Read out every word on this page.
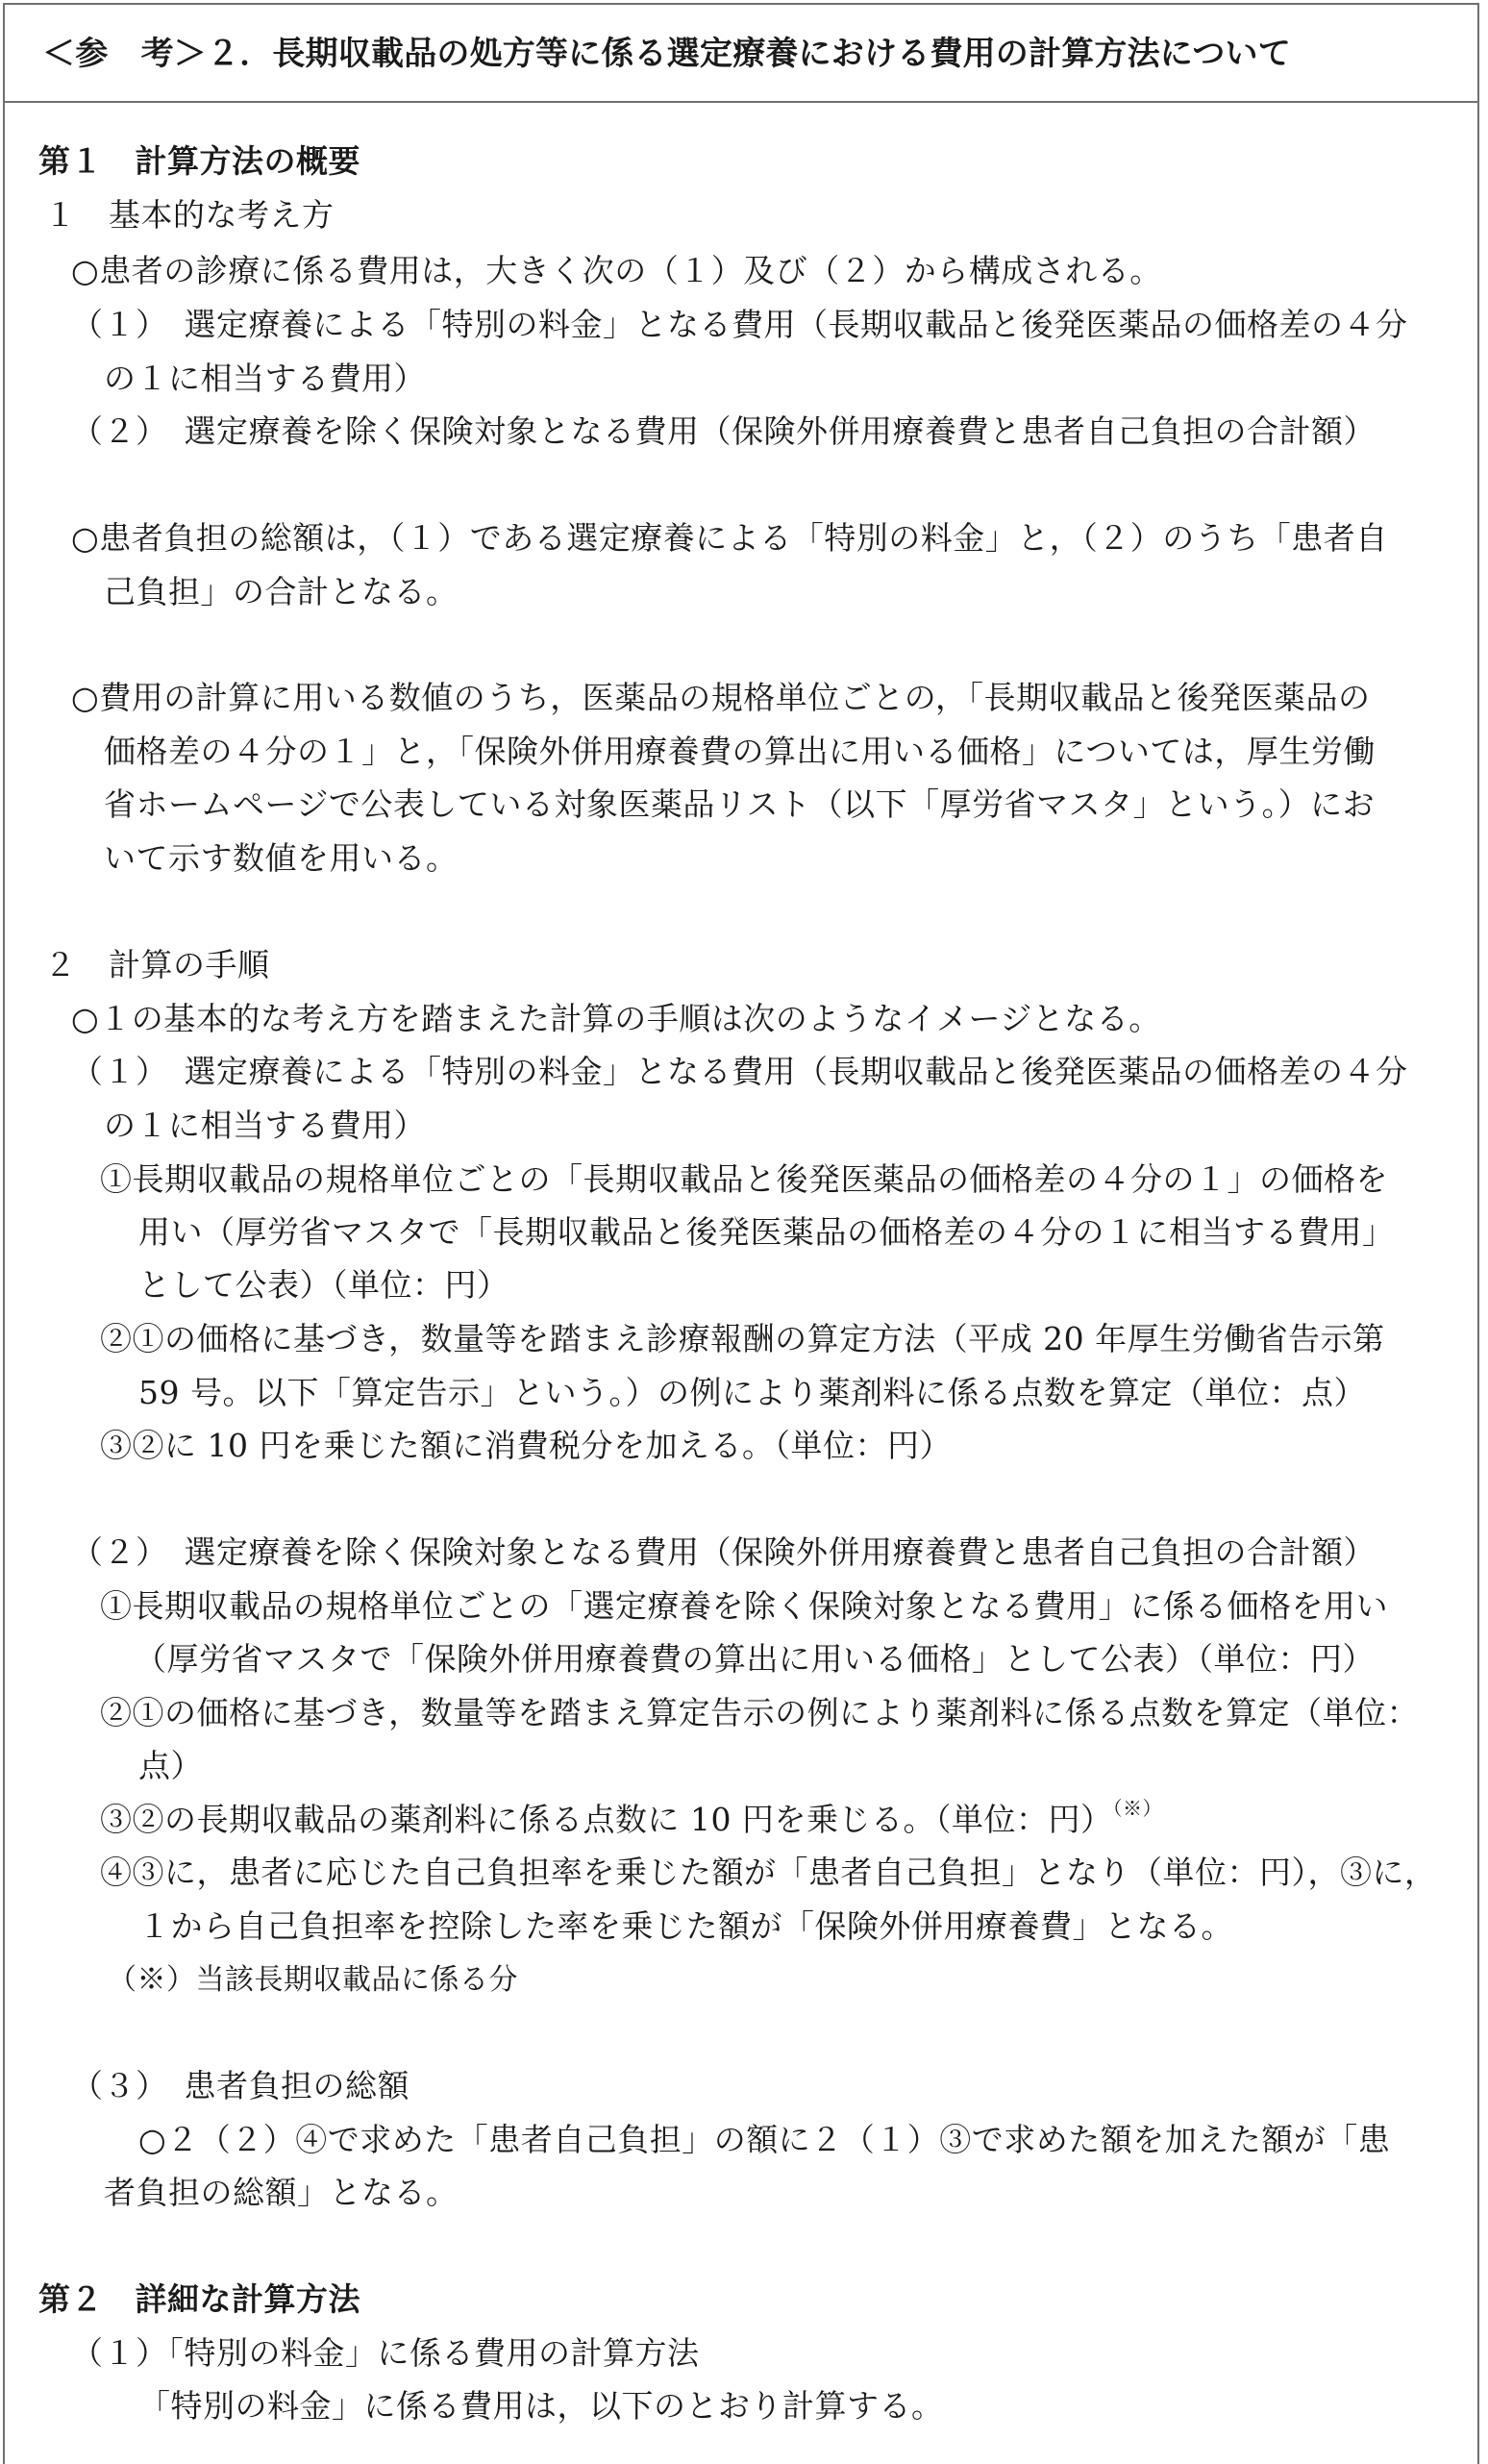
＜参　考＞２．長期収載品の処方等に係る選定療養における費用の計算方法について
第１　計算方法の概要
１　基本的な考え方
○患者の診療に係る費用は，大きく次の（１）及び（２）から構成される。
（１）　選定療養による「特別の料金」となる費用（長期収載品と後発医薬品の価格差の４分
の１に相当する費用）
（２）　選定療養を除く保険対象となる費用（保険外併用療養費と患者自己負担の合計額）
○患者負担の総額は，（１）である選定療養による「特別の料金」と，（２）のうち「患者自
己負担」の合計となる。
○費用の計算に用いる数値のうち，医薬品の規格単位ごとの，「長期収載品と後発医薬品の
価格差の４分の１」と，「保険外併用療養費の算出に用いる価格」については，厚生労働
省ホームページで公表している対象医薬品リスト（以下「厚労省マスタ」という。）にお
いて示す数値を用いる。
２　計算の手順
○１の基本的な考え方を踏まえた計算の手順は次のようなイメージとなる。
（１）　選定療養による「特別の料金」となる費用（長期収載品と後発医薬品の価格差の４分
の１に相当する費用）
①長期収載品の規格単位ごとの「長期収載品と後発医薬品の価格差の４分の１」の価格を
用い（厚労省マスタで「長期収載品と後発医薬品の価格差の４分の１に相当する費用」
として公表）（単位：円）
②①の価格に基づき，数量等を踏まえ診療報酬の算定方法（平成 20 年厚生労働省告示第
59 号。以下「算定告示」という。）の例により薬剤料に係る点数を算定（単位：点）
③②に 10 円を乗じた額に消費税分を加える。（単位：円）
（２）　選定療養を除く保険対象となる費用（保険外併用療養費と患者自己負担の合計額）
①長期収載品の規格単位ごとの「選定療養を除く保険対象となる費用」に係る価格を用い
（厚労省マスタで「保険外併用療養費の算出に用いる価格」として公表）（単位：円）
②①の価格に基づき，数量等を踏まえ算定告示の例により薬剤料に係る点数を算定（単位：
点）
③②の長期収載品の薬剤料に係る点数に 10 円を乗じる。（単位：円）（※）
④③に，患者に応じた自己負担率を乗じた額が「患者自己負担」となり（単位：円），③に，
１から自己負担率を控除した率を乗じた額が「保険外併用療養費」となる。
（※）当該長期収載品に係る分
（３）　患者負担の総額
○２（２）④で求めた「患者自己負担」の額に２（１）③で求めた額を加えた額が「患
者負担の総額」となる。
第２　詳細な計算方法
（１）「特別の料金」に係る費用の計算方法
「特別の料金」に係る費用は，以下のとおり計算する。
